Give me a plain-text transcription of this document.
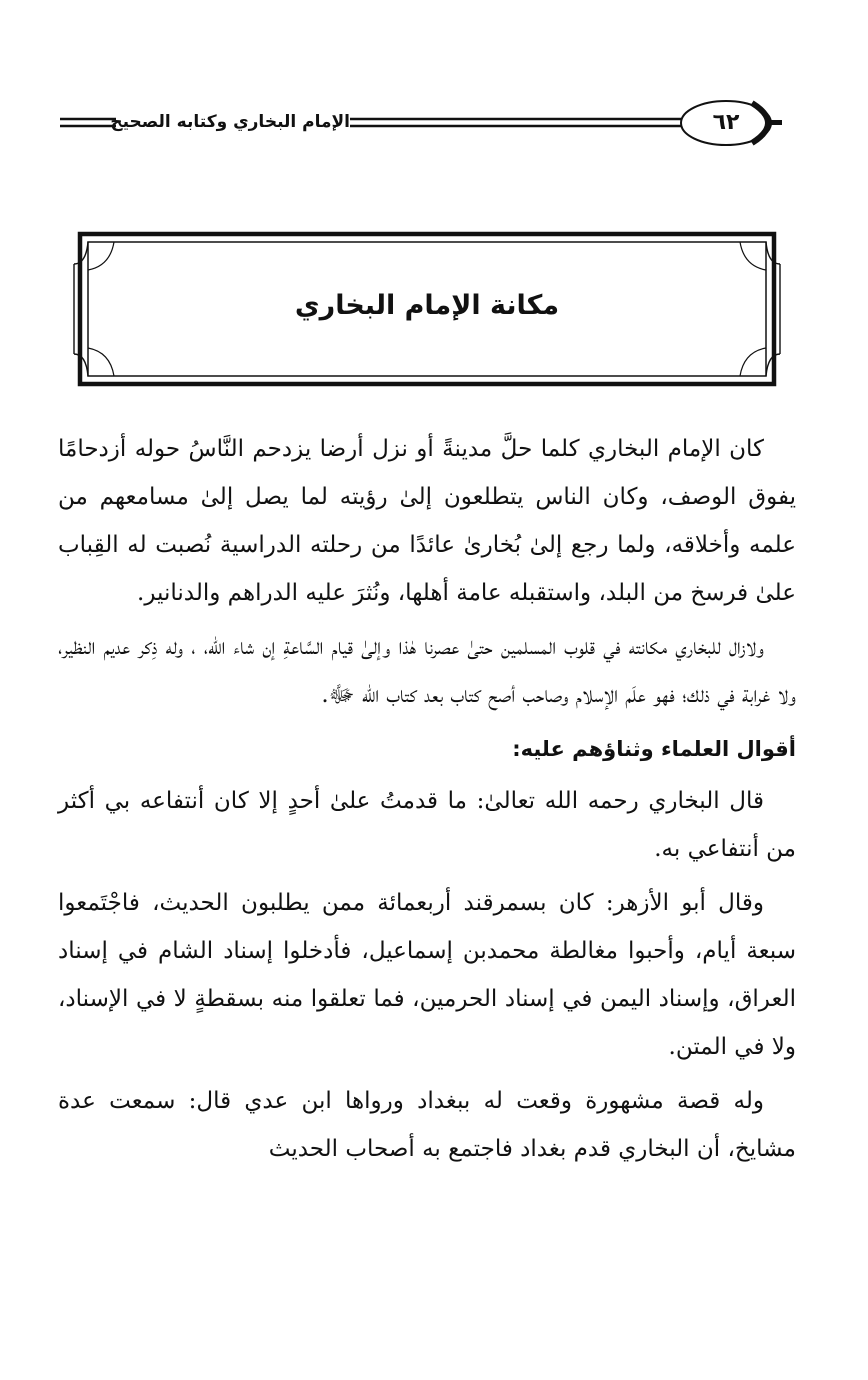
٦٢
الإمام البخاري وكتابه الصحيح
مكانة الإمام البخاري

كان الإمام البخاري كلما حلَّ مدينةً أو نزل أرضا يزدحم النَّاسُ حوله أزدحامًا يفوق الوصف، وكان الناس يتطلعون إلىٰ رؤيته لما يصل إلىٰ مسامعهم من علمه وأخلاقه، ولما رجع إلىٰ بُخارىٰ عائدًا من رحلته الدراسية نُصبت له القِباب علىٰ فرسخ من البلد، واستقبله عامة أهلها، ونُثرَ عليه الدراهم والدنانير.

ولازال للبخاري مكانته في قلوب المسلمين حتىٰ عصرنا هٰذا وإلىٰ قيام السَّاعةِ إن شاء الله، ، وله ذِكر عديم النظير، ولا غرابة في ذلك؛ فهو علَم الإسلام وصاحب أصح كتاب بعد كتاب الله ﷻ.

أقوال العلماء وثناؤهم عليه:

قال البخاري رحمه الله تعالىٰ: ما قدمتُ علىٰ أحدٍ إلا كان أنتفاعه بي أكثر من أنتفاعي به.

وقال أبو الأزهر: كان بسمرقند أربعمائة ممن يطلبون الحديث، فاجْتَمعوا سبعة أيام، وأحبوا مغالطة محمدبن إسماعيل، فأدخلوا إسناد الشام في إسناد العراق، وإسناد اليمن في إسناد الحرمين، فما تعلقوا منه بسقطةٍ لا في الإسناد، ولا في المتن.

وله قصة مشهورة وقعت له ببغداد ورواها ابن عدي قال: سمعت عدة مشايخ، أن البخاري قدم بغداد فاجتمع به أصحاب الحديث
